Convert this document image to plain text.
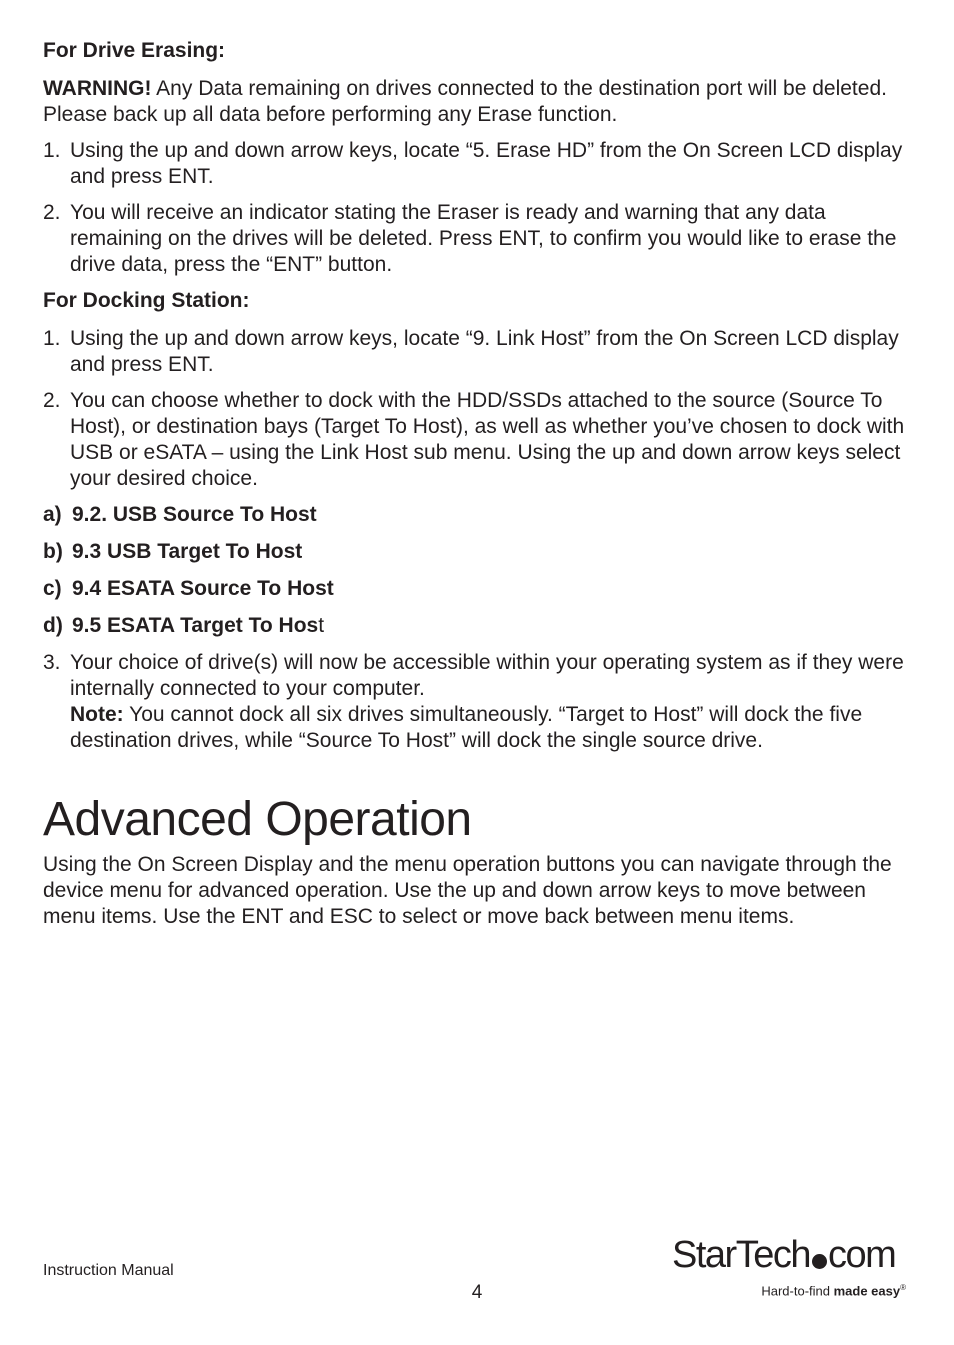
For Drive Erasing:

WARNING! Any Data remaining on drives connected to the destination port will be deleted. Please back up all data before performing any Erase function.

1. Using the up and down arrow keys, locate “5. Erase HD” from the On Screen LCD display and press ENT.
2. You will receive an indicator stating the Eraser is ready and warning that any data remaining on the drives will be deleted. Press ENT, to confirm you would like to erase the drive data, press the “ENT” button.
For Docking Station:
1. Using the up and down arrow keys, locate “9. Link Host” from the On Screen LCD display and press ENT.
2. You can choose whether to dock with the HDD/SSDs attached to the source (Source To Host), or destination bays (Target To Host), as well as whether you’ve chosen to dock with USB or eSATA – using the Link Host sub menu. Using the up and down arrow keys select your desired choice.
a) 9.2. USB Source To Host
b) 9.3 USB Target To Host
c) 9.4 ESATA Source To Host
d) 9.5 ESATA Target To Host
3. Your choice of drive(s) will now be accessible within your operating system as if they were internally connected to your computer.
Note: You cannot dock all six drives simultaneously. “Target to Host” will dock the five destination drives, while “Source To Host” will dock the single source drive.
Advanced Operation

Using the On Screen Display and the menu operation buttons you can navigate through the device menu for advanced operation. Use the up and down arrow keys to move between menu items. Use the ENT and ESC to select or move back between menu items.

Instruction Manual
4
StarTech com
Hard-to-find made easy®
